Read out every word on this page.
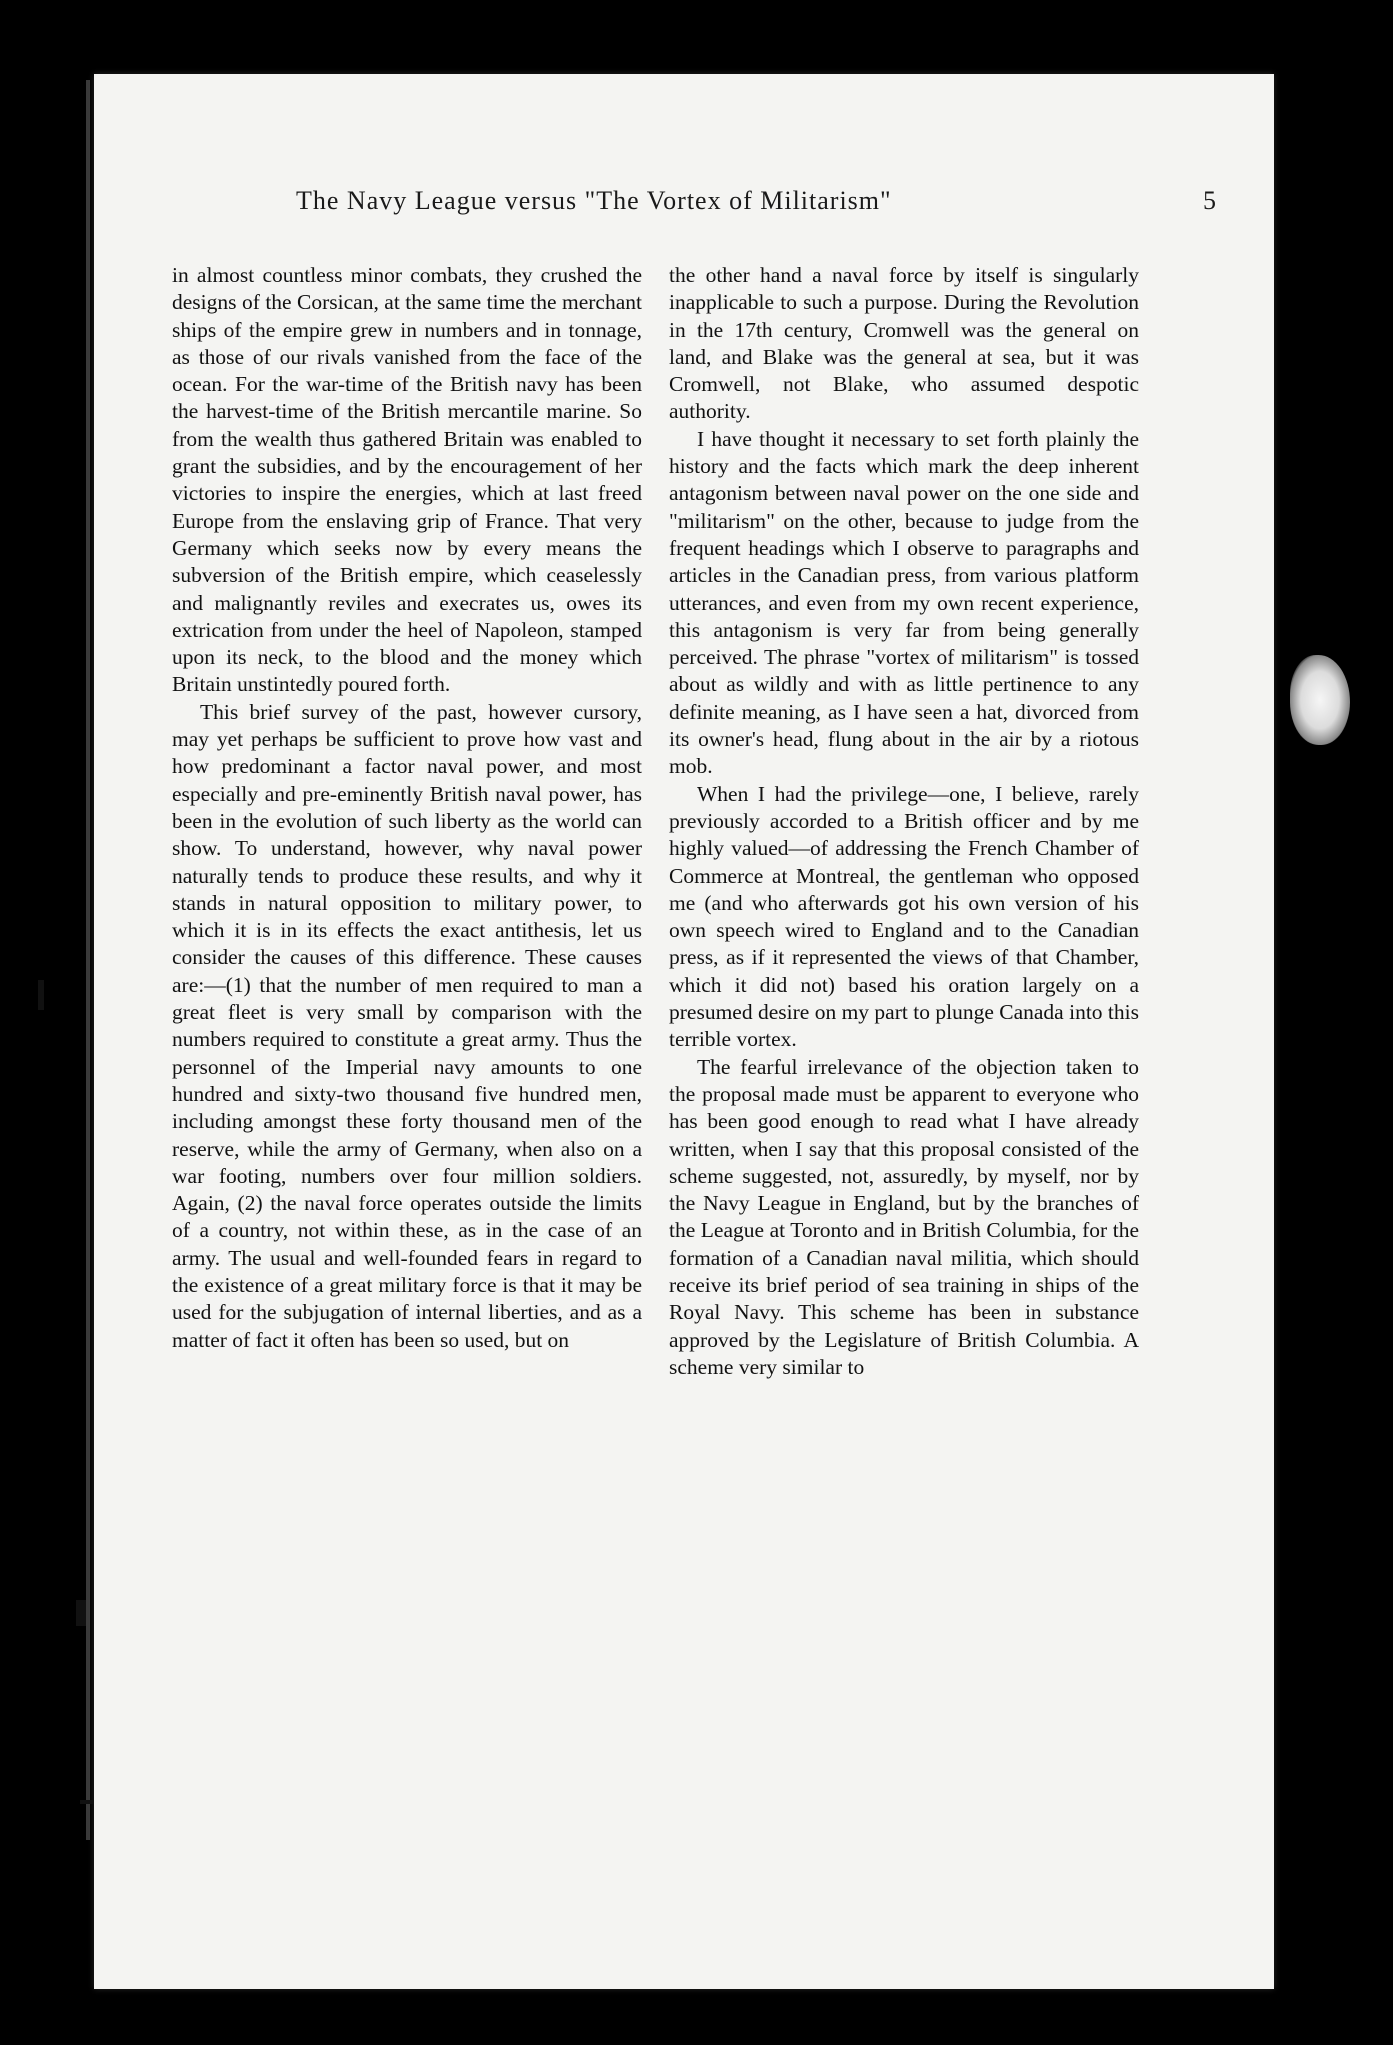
The Navy League versus "The Vortex of Militarism"	5

in almost countless minor combats, they crushed the designs of the Corsican, at the same time the merchant ships of the empire grew in numbers and in tonnage, as those of our rivals vanished from the face of the ocean. For the war-time of the British navy has been the harvest-time of the British mercantile marine. So from the wealth thus gathered Britain was enabled to grant the subsidies, and by the encouragement of her victories to inspire the energies, which at last freed Europe from the enslaving grip of France. That very Germany which seeks now by every means the subversion of the British empire, which ceaselessly and malignantly reviles and execrates us, owes its extrication from under the heel of Napoleon, stamped upon its neck, to the blood and the money which Britain unstintedly poured forth.

This brief survey of the past, however cursory, may yet perhaps be sufficient to prove how vast and how predominant a factor naval power, and most especially and pre-eminently British naval power, has been in the evolution of such liberty as the world can show. To understand, however, why naval power naturally tends to produce these results, and why it stands in natural opposition to military power, to which it is in its effects the exact antithesis, let us consider the causes of this difference. These causes are:—(1) that the number of men required to man a great fleet is very small by comparison with the numbers required to constitute a great army. Thus the personnel of the Imperial navy amounts to one hundred and sixty-two thousand five hundred men, including amongst these forty thousand men of the reserve, while the army of Germany, when also on a war footing, numbers over four million soldiers. Again, (2) the naval force operates outside the limits of a country, not within these, as in the case of an army. The usual and well-founded fears in regard to the existence of a great military force is that it may be used for the subjugation of internal liberties, and as a matter of fact it often has been so used, but on

the other hand a naval force by itself is singularly inapplicable to such a purpose. During the Revolution in the 17th century, Cromwell was the general on land, and Blake was the general at sea, but it was Cromwell, not Blake, who assumed despotic authority.

I have thought it necessary to set forth plainly the history and the facts which mark the deep inherent antagonism between naval power on the one side and "militarism" on the other, because to judge from the frequent headings which I observe to paragraphs and articles in the Canadian press, from various platform utterances, and even from my own recent experience, this antagonism is very far from being generally perceived. The phrase "vortex of militarism" is tossed about as wildly and with as little pertinence to any definite meaning, as I have seen a hat, divorced from its owner's head, flung about in the air by a riotous mob.

When I had the privilege—one, I believe, rarely previously accorded to a British officer and by me highly valued—of addressing the French Chamber of Commerce at Montreal, the gentleman who opposed me (and who afterwards got his own version of his own speech wired to England and to the Canadian press, as if it represented the views of that Chamber, which it did not) based his oration largely on a presumed desire on my part to plunge Canada into this terrible vortex.

The fearful irrelevance of the objection taken to the proposal made must be apparent to everyone who has been good enough to read what I have already written, when I say that this proposal consisted of the scheme suggested, not, assuredly, by myself, nor by the Navy League in England, but by the branches of the League at Toronto and in British Columbia, for the formation of a Canadian naval militia, which should receive its brief period of sea training in ships of the Royal Navy. This scheme has been in substance approved by the Legislature of British Columbia. A scheme very similar to
